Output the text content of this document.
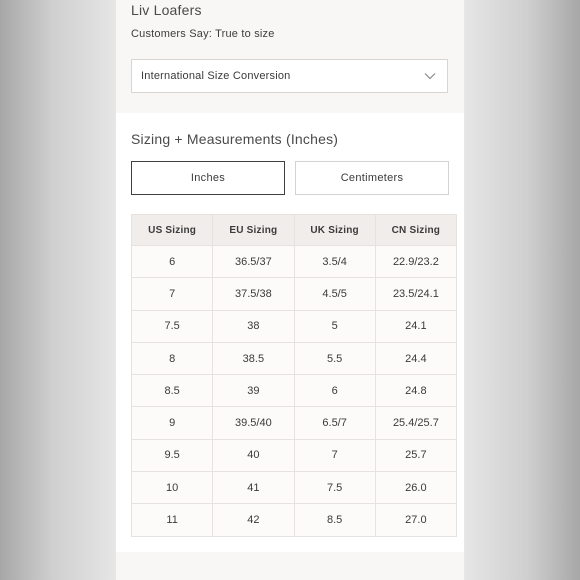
Liv Loafers
Customers Say: True to size
International Size Conversion
Sizing + Measurements (Inches)
Inches	Centimeters
US Sizing	EU Sizing	UK Sizing	CN Sizing
6	36.5/37	3.5/4	22.9/23.2
7	37.5/38	4.5/5	23.5/24.1
7.5	38	5	24.1
8	38.5	5.5	24.4
8.5	39	6	24.8
9	39.5/40	6.5/7	25.4/25.7
9.5	40	7	25.7
10	41	7.5	26.0
11	42	8.5	27.0
